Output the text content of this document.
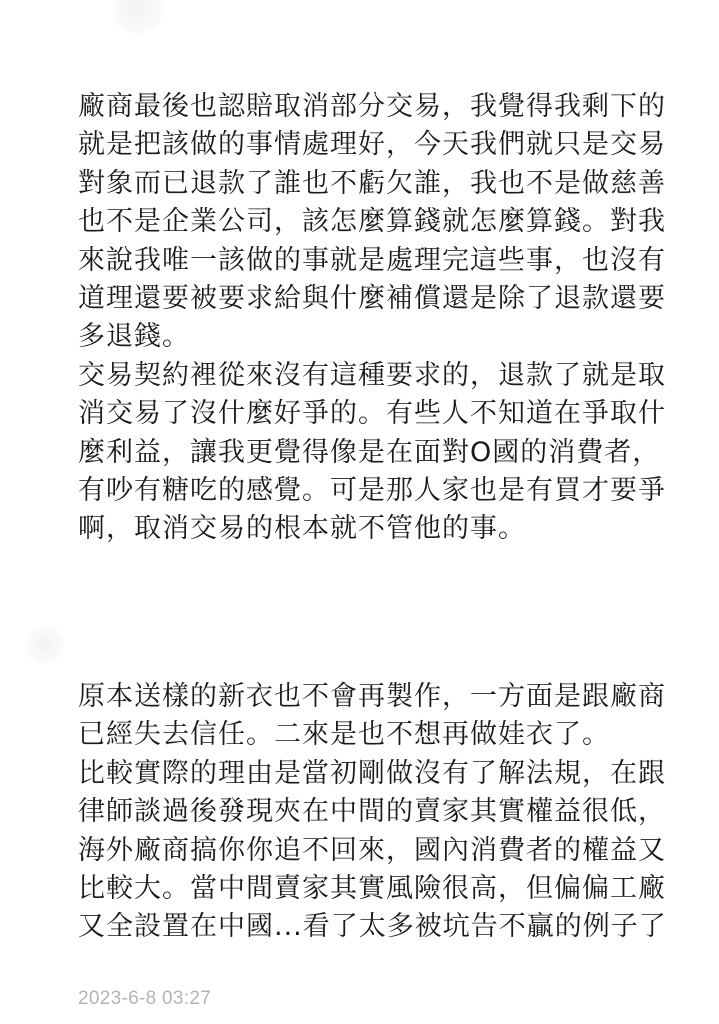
廠商最後也認賠取消部分交易，我覺得我剩下的

就是把該做的事情處理好，今天我們就只是交易

對象而已退款了誰也不虧欠誰，我也不是做慈善

也不是企業公司，該怎麼算錢就怎麼算錢。對我

來說我唯一該做的事就是處理完這些事，也沒有

道理還要被要求給與什麼補償還是除了退款還要

多退錢。

交易契約裡從來沒有這種要求的，退款了就是取

消交易了沒什麼好爭的。有些人不知道在爭取什

麼利益，讓我更覺得像是在面對O國的消費者，

有吵有糖吃的感覺。可是那人家也是有買才要爭

啊，取消交易的根本就不管他的事。

原本送樣的新衣也不會再製作，一方面是跟廠商

已經失去信任。二來是也不想再做娃衣了。

比較實際的理由是當初剛做沒有了解法規，在跟

律師談過後發現夾在中間的賣家其實權益很低，

海外廠商搞你你追不回來，國內消費者的權益又

比較大。當中間賣家其實風險很高，但偏偏工廠

又全設置在中國...看了太多被坑告不贏的例子了

2023-6-8 03:27
